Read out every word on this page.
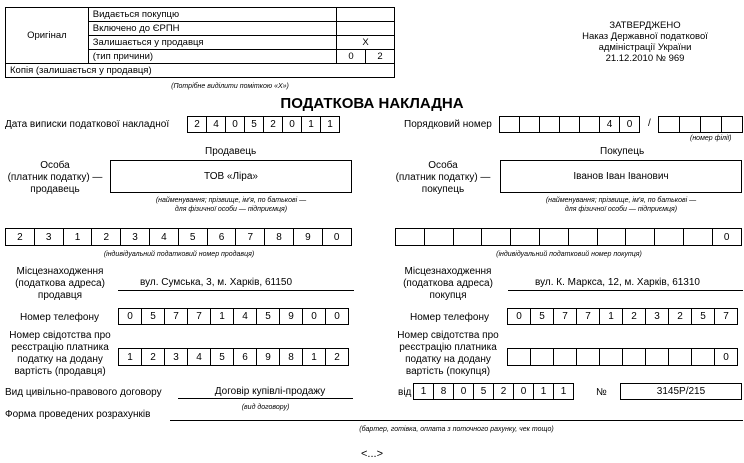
Оригінал	Видається покупцю	
	Включено до ЄРПН	
	Залишається у продавця	Х
	(тип причини)	0 2

Копія (залишається у продавця)		
(Потрібне виділити поміткою «Х»)
ЗАТВЕРДЖЕНО
Наказ Державної податкової
адміністрації України
21.12.2010 № 969
ПОДАТКОВА НАКЛАДНА
Дата виписки податкової накладної	2	4	0	5	2	0	1	1	Порядковий номер	4	0	/
(номер філії)
Продавець	Покупець
Особа
(платник податку) —
продавець
ТОВ «Ліра»
(найменування; прізвище, ім'я, по батькові —
для фізичної особи — підприємця)
Особа
(платник податку) —
покупець
Іванов Іван Іванович
(найменування; прізвище, ім'я, по батькові —
для фізичної особи — підприємця)
2	3	1	2	3	4	5	6	7	8	9	0
(індивідуальний податковий номер продавця)
0
(індивідуальний податковий номер покупця)
Місцезнаходження
(податкова адреса)
продавця
вул. Сумська, 3, м. Харків, 61150
Місцезнаходження
(податкова адреса)
покупця
вул. К. Маркса, 12, м. Харків, 61310
Номер телефону	0	5	7	7	1	4	5	9	0	0	Номер телефону	0	5	7	7	1	2	3	2	5	7
Номер свідотства про
реєстрацію платника
податку на додану
вартість (продавця)
1	2	3	4	5	6	9	8	1	2
Номер свідотства про
реєстрацію платника
податку на додану
вартість (покупця)
0
Вид цивільно-правового договору	Договір купівлі-продажу
(вид договору)
від 1	8	0	5	2	0	1	1	№	3145Р/215
Форма проведених розрахунків
(бартер, готівка, оплата з поточного рахунку, чек тощо)
<...>
